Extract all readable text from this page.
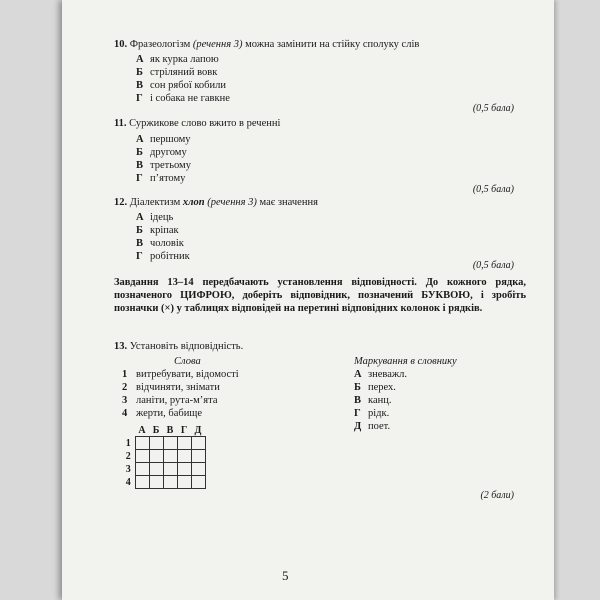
10. Фразеологізм (речення 3) можна замінити на стійку сполуку слів
А як курка лапою
Б стріляний вовк
В сон рябої кобили
Г і собака не гавкне
(0,5 бала)
11. Суржикове слово вжито в реченні
А першому
Б другому
В третьому
Г п’ятому
(0,5 бала)
12. Діалектизм хлоп (речення 3) має значення
А ідець
Б кріпак
В чоловік
Г робітник
(0,5 бала)
Завдання 13–14 передбачають установлення відповідності. До кожного рядка, позначеного ЦИФРОЮ, доберіть відповідник, позначений БУКВОЮ, і зробіть позначки (×) у таблицях відповідей на перетині відповідних колонок і рядків.
13. Установіть відповідність.
Слова	Маркування в словнику
1 витребувати, відомості
2 відчиняти, знімати
3 ланіти, рута-м’ята
4 жерти, бабище
А зневажл.
Б перех.
В канц.
Г рідк.
Д поет.
	А	Б	В	Г	Д
1					
2					
3					
4					
(2 бали)
5
